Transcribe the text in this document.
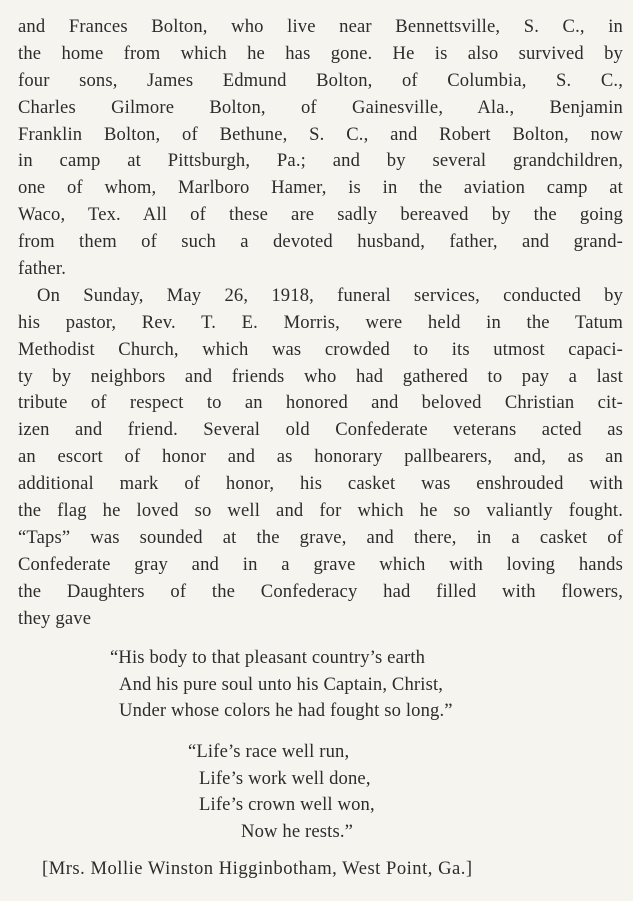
and Frances Bolton, who live near Bennettsville, S. C., in
the home from which he has gone. He is also survived by
four sons, James Edmund Bolton, of Columbia, S. C.,
Charles Gilmore Bolton, of Gainesville, Ala., Benjamin
Franklin Bolton, of Bethune, S. C., and Robert Bolton, now
in camp at Pittsburgh, Pa.; and by several grandchildren,
one of whom, Marlboro Hamer, is in the aviation camp at
Waco, Tex. All of these are sadly bereaved by the going
from them of such a devoted husband, father, and grand-
father.
On Sunday, May 26, 1918, funeral services, conducted by
his pastor, Rev. T. E. Morris, were held in the Tatum
Methodist Church, which was crowded to its utmost capaci-
ty by neighbors and friends who had gathered to pay a last
tribute of respect to an honored and beloved Christian cit-
izen and friend. Several old Confederate veterans acted as
an escort of honor and as honorary pallbearers, and, as an
additional mark of honor, his casket was enshrouded with
the flag he loved so well and for which he so valiantly fought.
“Taps” was sounded at the grave, and there, in a casket of
Confederate gray and in a grave which with loving hands
the Daughters of the Confederacy had filled with flowers,
they gave
“His body to that pleasant country’s earth
And his pure soul unto his Captain, Christ,
Under whose colors he had fought so long.”
“Life’s race well run,
Life’s work well done,
Life’s crown well won,
Now he rests.”
[Mrs. Mollie Winston Higginbotham, West Point, Ga.]
